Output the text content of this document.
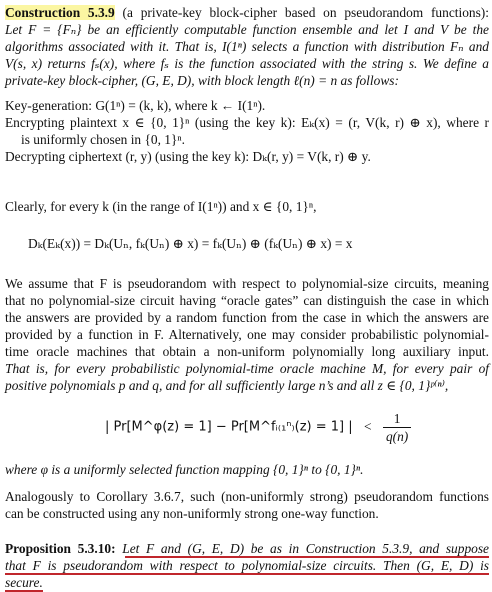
Construction 5.3.9 (a private-key block-cipher based on pseudorandom functions):
Let F = {Fₙ} be an efficiently computable function ensemble and let I and V be the
algorithms associated with it. That is, I(1ⁿ) selects a function with distribution Fₙ and
V(s, x) returns fₛ(x), where fₛ is the function associated with the string s. We define a
private-key block-cipher, (G, E, D), with block length ℓ(n) = n as follows:
Key-generation: G(1ⁿ) = (k, k), where k ← I(1ⁿ).
Encrypting plaintext x ∈ {0, 1}ⁿ (using the key k): Eₖ(x) = (r, V(k, r) ⊕ x), where r
is uniformly chosen in {0, 1}ⁿ.
Decrypting ciphertext (r, y) (using the key k): Dₖ(r, y) = V(k, r) ⊕ y.
Clearly, for every k (in the range of I(1ⁿ)) and x ∈ {0, 1}ⁿ,
Dₖ(Eₖ(x)) = Dₖ(Uₙ, fₖ(Uₙ) ⊕ x) = fₖ(Uₙ) ⊕ (fₖ(Uₙ) ⊕ x) = x
We assume that F is pseudorandom with respect to polynomial-size circuits, meaning
that no polynomial-size circuit having “oracle gates” can distinguish the case in which
the answers are provided by a random function from the case in which the answers are
provided by a function in F. Alternatively, one may consider probabilistic polynomial-
time oracle machines that obtain a non-uniform polynomially long auxiliary input.
That is, for every probabilistic polynomial-time oracle machine M, for every pair of
positive polynomials p and q, and for all sufficiently large n’s and all z ∈ {0, 1}ᵖ⁽ⁿ⁾,
| Pr[M^φ(z) = 1] − Pr[M^fᵢ₍₁ⁿ₎(z) = 1] | < $\frac{1}{q(n)}$
where φ is a uniformly selected function mapping {0, 1}ⁿ to {0, 1}ⁿ.
Analogously to Corollary 3.6.7, such (non-uniformly strong) pseudorandom functions
can be constructed using any non-uniformly strong one-way function.
Proposition 5.3.10: Let F and (G, E, D) be as in Construction 5.3.9, and suppose
that F is pseudorandom with respect to polynomial-size circuits. Then (G, E, D) is
secure.
